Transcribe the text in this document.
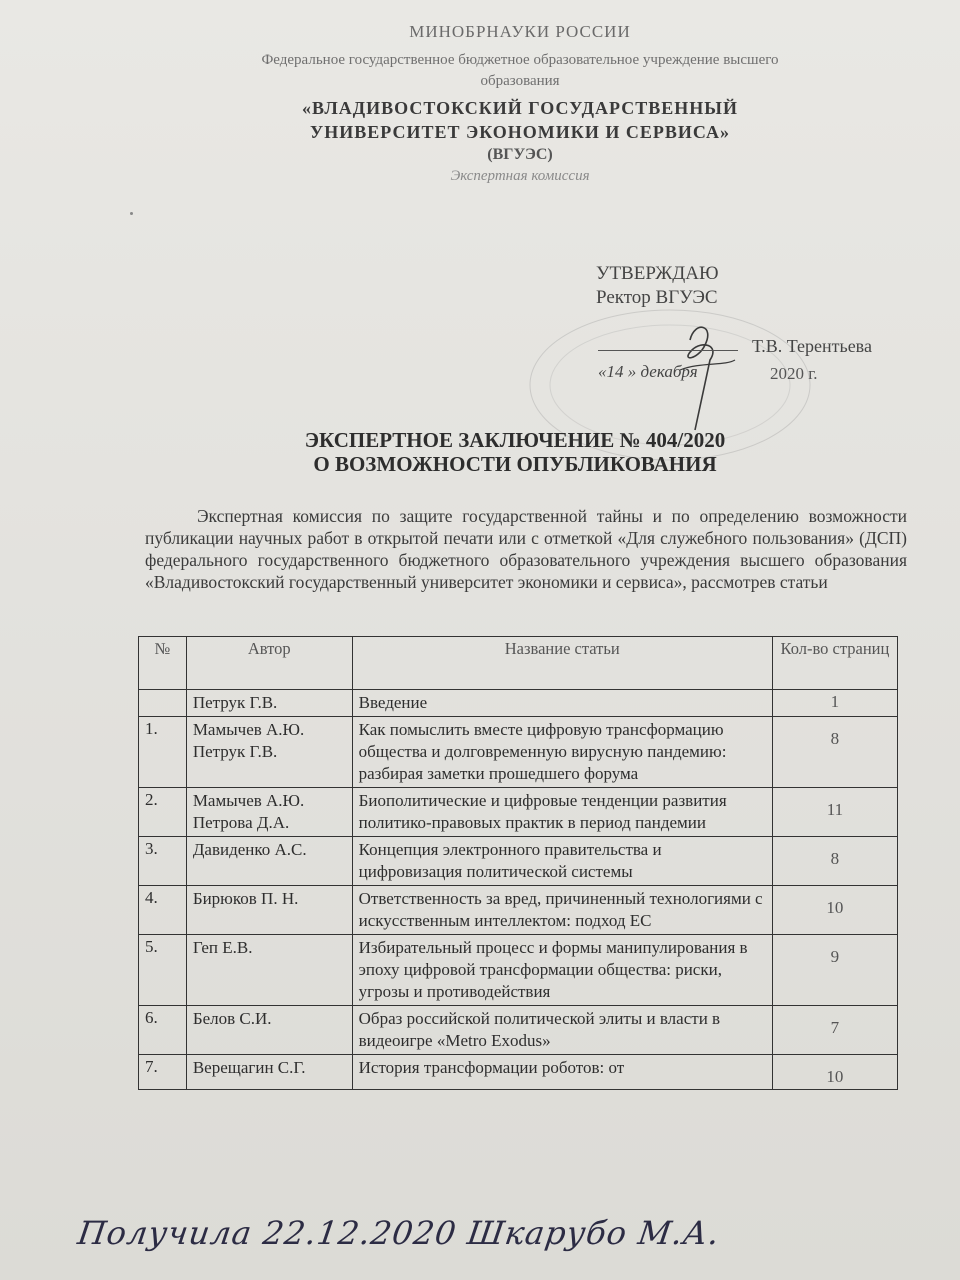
МИНОБРНАУКИ РОССИИ
Федеральное государственное бюджетное образовательное учреждение высшего образования
«ВЛАДИВОСТОКСКИЙ ГОСУДАРСТВЕННЫЙ УНИВЕРСИТЕТ ЭКОНОМИКИ И СЕРВИСА»
(ВГУЭС)
Экспертная комиссия
УТВЕРЖДАЮ
Ректор ВГУЭС
Т.В. Терентьева
«14 » декабря	2020 г.
ЭКСПЕРТНОЕ ЗАКЛЮЧЕНИЕ № 404/2020
О ВОЗМОЖНОСТИ ОПУБЛИКОВАНИЯ
Экспертная комиссия по защите государственной тайны и по определению возможности публикации научных работ в открытой печати или с отметкой «Для служебного пользования» (ДСП) федерального государственного бюджетного образовательного учреждения высшего образования «Владивостокский государственный университет экономики и сервиса», рассмотрев статьи
№	Автор	Название статьи	Кол-во страниц
	Петрук Г.В.	Введение	1
1.	Мамычев А.Ю. Петрук Г.В.	Как помыслить вместе цифровую трансформацию общества и долговременную вирусную пандемию: разбирая заметки прошедшего форума	8
2.	Мамычев А.Ю. Петрова Д.А.	Биополитические и цифровые тенденции развития политико-правовых практик в период пандемии	11
3.	Давиденко А.С.	Концепция электронного правительства и цифровизация политической системы	8
4.	Бирюков П. Н.	Ответственность за вред, причиненный технологиями с искусственным интеллектом: подход ЕС	10
5.	Геп Е.В.	Избирательный процесс и формы манипулирования в эпоху цифровой трансформации общества: риски, угрозы и противодействия	9
6.	Белов С.И.	Образ российской политической элиты и власти в видеоигре «Metro Exodus»	7
7.	Верещагин С.Г.	История трансформации роботов: от	10
Получила 22.12.2020 Шкарубо М.А.
